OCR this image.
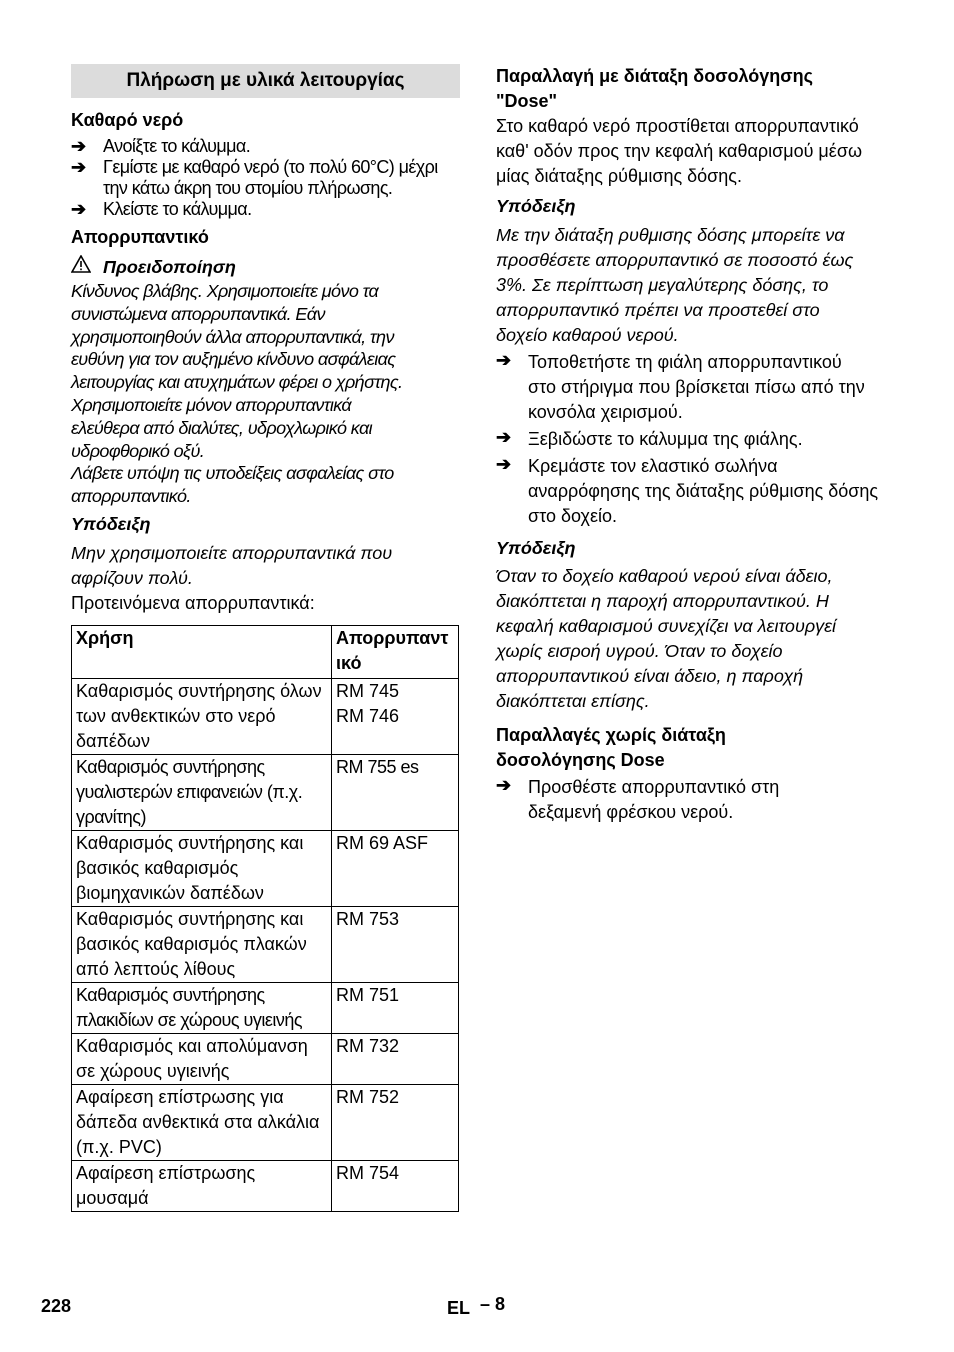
Πλήρωση με υλικά λειτουργίας

Καθαρό νερό

➔ Ανοίξτε το κάλυμμα.
➔ Γεμίστε με καθαρό νερό (το πολύ 60°C) μέχρι την κάτω άκρη του στομίου πλήρωσης.
➔ Κλείστε το κάλυμμα.

Απορρυπαντικό

Προειδοποίηση

Κίνδυνος βλάβης. Χρησιμοποιείτε μόνο τα

συνιστώμενα απορρυπαντικά. Εάν

χρησιμοποιηθούν άλλα απορρυπαντικά, την

ευθύνη για τον αυξημένο κίνδυνο ασφάλειας

λειτουργίας και ατυχημάτων φέρει ο χρήστης.

Χρησιμοποιείτε μόνον απορρυπαντικά

ελεύθερα από διαλύτες, υδροχλωρικό και

υδροφθορικό οξύ.

Λάβετε υπόψη τις υποδείξεις ασφαλείας στο

απορρυπαντικό.

Υπόδειξη

Μην χρησιμοποιείτε απορρυπαντικά που αφρίζουν πολύ.

Προτεινόμενα απορρυπαντικά:

Χρήση	Απορρυπαντικό

Καθαρισμός συντήρησης όλων των ανθεκτικών στο νερό δαπέδων	RM 745 RM 746

Καθαρισμός συντήρησης γυαλιστερών επιφανειών (π.χ. γρανίτης)	RM 755 es
Καθαρισμός συντήρησης και βασικός καθαρισμός βιομηχανικών δαπέδων	RM 69 ASF
Καθαρισμός συντήρησης και βασικός καθαρισμός πλακών από λεπτούς λίθους	RM 753
Καθαρισμός συντήρησης πλακιδίων σε χώρους υγιεινής	RM 751
Καθαρισμός και απολύμανση σε χώρους υγιεινής	RM 732
Αφαίρεση επίστρωσης για δάπεδα ανθεκτικά στα αλκάλια (π.χ. PVC)	RM 752

Αφαίρεση επίστρωσης μουσαμά	RM 754

Παραλλαγή με διάταξη δοσολόγησης "Dose"

Στο καθαρό νερό προστίθεται απορρυπαντικό καθ' οδόν προς την κεφαλή καθαρισμού μέσω μίας διάταξης ρύθμισης δόσης.

Υπόδειξη

Με την διάταξη ρυθμισης δόσης μπορείτε να προσθέσετε απορρυπαντικό σε ποσοστό έως 3%. Σε περίπτωση μεγαλύτερης δόσης, το απορρυπαντικό πρέπει να προστεθεί στο δοχείο καθαρού νερού.

➔ Τοποθετήστε τη φιάλη απορρυπαντικού στο στήριγμα που βρίσκεται πίσω από την κονσόλα χειρισμού.
➔ Ξεβιδώστε το κάλυμμα της φιάλης.
➔ Κρεμάστε τον ελαστικό σωλήνα αναρρόφησης της διάταξης ρύθμισης δόσης στο δοχείο.

Υπόδειξη

Όταν το δοχείο καθαρού νερού είναι άδειο, διακόπτεται η παροχή απορρυπαντικού. Η κεφαλή καθαρισμού συνεχίζει να λειτουργεί χωρίς εισροή υγρού. Όταν το δοχείο απορρυπαντικού είναι άδειο, η παροχή διακόπτεται επίσης.

Παραλλαγές χωρίς διάταξη δοσολόγησης Dose

➔ Προσθέστε απορρυπαντικό στη δεξαμενή φρέσκου νερού.
228	EL – 8
